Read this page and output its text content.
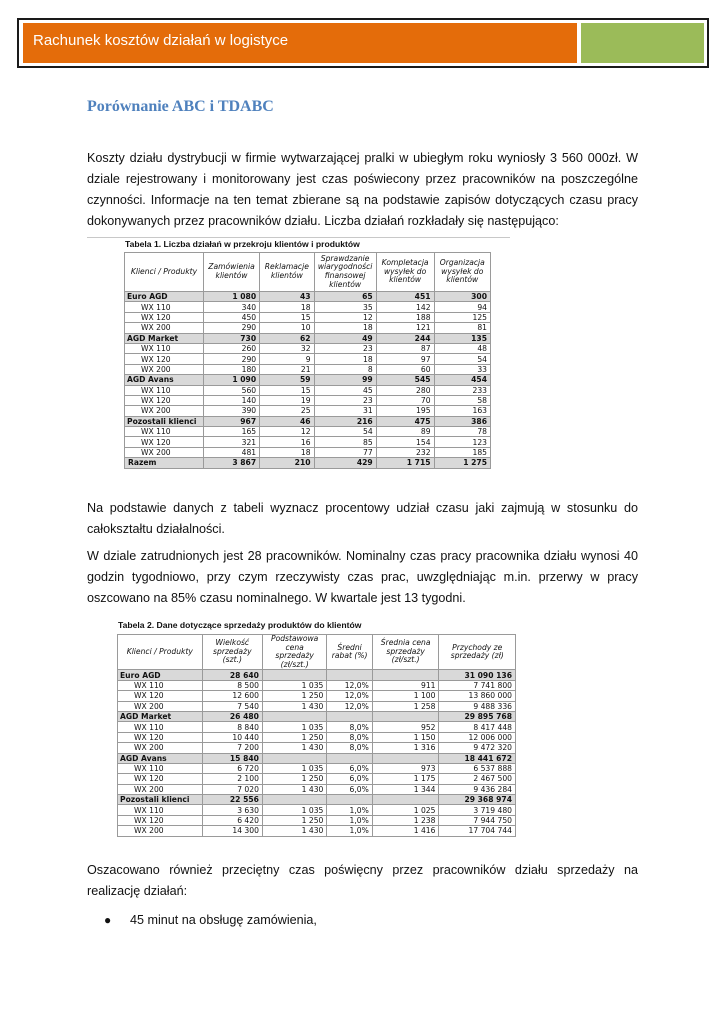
Rachunek kosztów działań w logistyce
Porównanie ABC i TDABC

Koszty działu dystrybucji w firmie wytwarzającej pralki w ubiegłym roku wyniosły 3 560 000zł. W dziale rejestrowany i monitorowany jest czas poświecony przez pracowników na poszczególne czynności. Informacje na ten temat zbierane są na podstawie zapisów dotyczących czasu pracy dokonywanych przez pracowników działu. Liczba działań rozkładały się następująco:

Tabela 1. Liczba działań w przekroju klientów i produktów
Klienci / Produkty	Zamówienia klientów	Reklamacje klientów	Sprawdzanie wiarygodności finansowej klientów	Kompletacja wysyłek do klientów	Organizacja wysyłek do klientów
Euro AGD	1 080	43	65	451	300
WX 110	340	18	35	142	94
WX 120	450	15	12	188	125
WX 200	290	10	18	121	81
AGD Market	730	62	49	244	135
WX 110	260	32	23	87	48
WX 120	290	9	18	97	54
WX 200	180	21	8	60	33
AGD Avans	1 090	59	99	545	454
WX 110	560	15	45	280	233
WX 120	140	19	23	70	58
WX 200	390	25	31	195	163
Pozostali klienci	967	46	216	475	386
WX 110	165	12	54	89	78
WX 120	321	16	85	154	123
WX 200	481	18	77	232	185
Razem	3 867	210	429	1 715	1 275

Na podstawie danych z tabeli wyznacz procentowy udział czasu jaki zajmują w stosunku do całokształtu działalności.

W dziale zatrudnionych jest 28 pracowników. Nominalny czas pracy pracownika działu wynosi 40 godzin tygodniowo, przy czym rzeczywisty czas prac, uwzględniając m.in. przerwy w pracy oszcowano na 85% czasu nominalnego. W kwartale jest 13 tygodni.

Tabela 2. Dane dotyczące sprzedaży produktów do klientów
Klienci / Produkty	Wielkość sprzedaży (szt.)	Podstawowa cena sprzedaży (zł/szt.)	Średni rabat (%)	Średnia cena sprzedaży (zł/szt.)	Przychody ze sprzedaży (zł)
Euro AGD	28 640				31 090 136
WX 110	8 500	1 035	12,0%	911	7 741 800
WX 120	12 600	1 250	12,0%	1 100	13 860 000
WX 200	7 540	1 430	12,0%	1 258	9 488 336
AGD Market	26 480				29 895 768
WX 110	8 840	1 035	8,0%	952	8 417 448
WX 120	10 440	1 250	8,0%	1 150	12 006 000
WX 200	7 200	1 430	8,0%	1 316	9 472 320
AGD Avans	15 840				18 441 672
WX 110	6 720	1 035	6,0%	973	6 537 888
WX 120	2 100	1 250	6,0%	1 175	2 467 500
WX 200	7 020	1 430	6,0%	1 344	9 436 284
Pozostali klienci	22 556				29 368 974
WX 110	3 630	1 035	1,0%	1 025	3 719 480
WX 120	6 420	1 250	1,0%	1 238	7 944 750
WX 200	14 300	1 430	1,0%	1 416	17 704 744

Oszacowano również przeciętny czas poświęcny przez pracowników działu sprzedaży na realizację działań:

● 45 minut na obsługę zamówienia,
